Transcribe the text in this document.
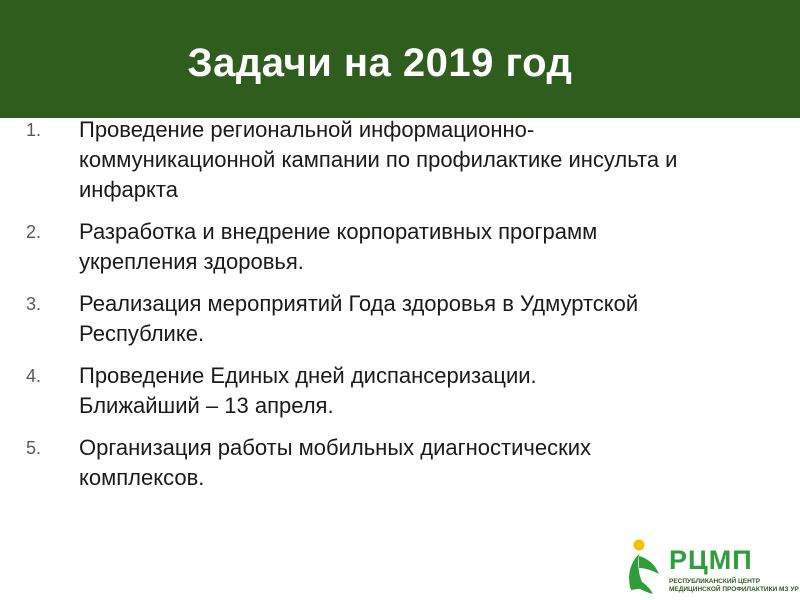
Задачи на 2019 год
1.	Проведение региональной информационно-коммуникационной кампании по профилактике инсульта и инфаркта
2.	Разработка и внедрение корпоративных программ укрепления здоровья.
3.	Реализация мероприятий Года здоровья в Удмуртской Республике.
4.	Проведение Единых дней диспансеризации. Ближайший – 13 апреля.
5.	Организация работы мобильных диагностических комплексов.
РЦМП
РЕСПУБЛИКАНСКИЙ ЦЕНТР
МЕДИЦИНСКОЙ ПРОФИЛАКТИКИ МЗ УР
